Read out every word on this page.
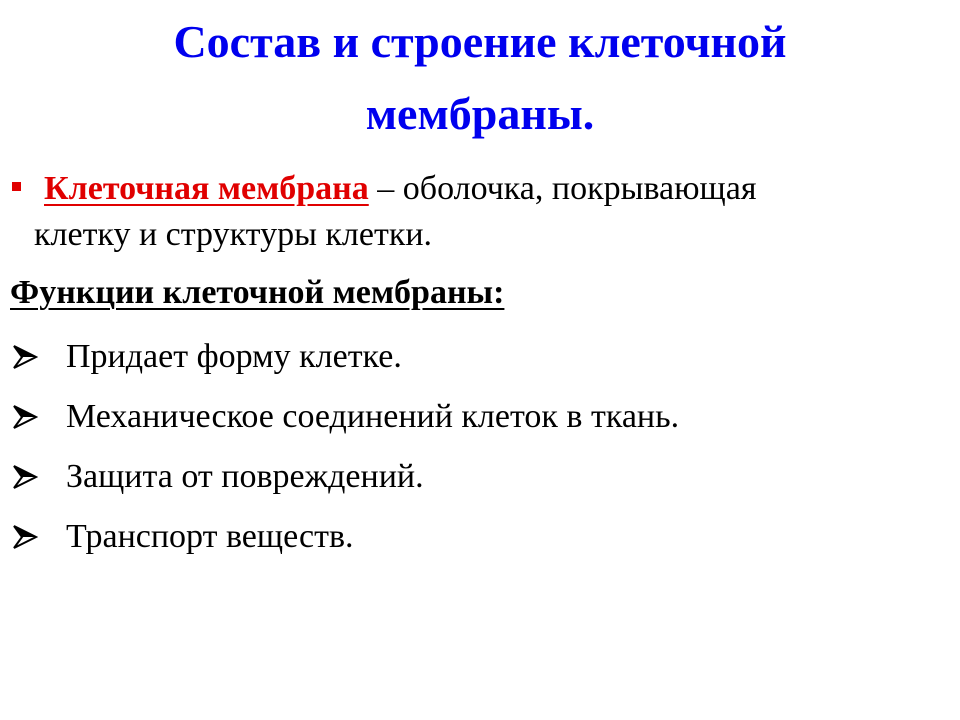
Состав и строение клеточной
мембраны.
Клеточная мембрана – оболочка, покрывающая
клетку и структуры клетки.
Функции клеточной мембраны:
Придает форму клетке.
Механическое соединений клеток в ткань.
Защита от повреждений.
Транспорт веществ.
